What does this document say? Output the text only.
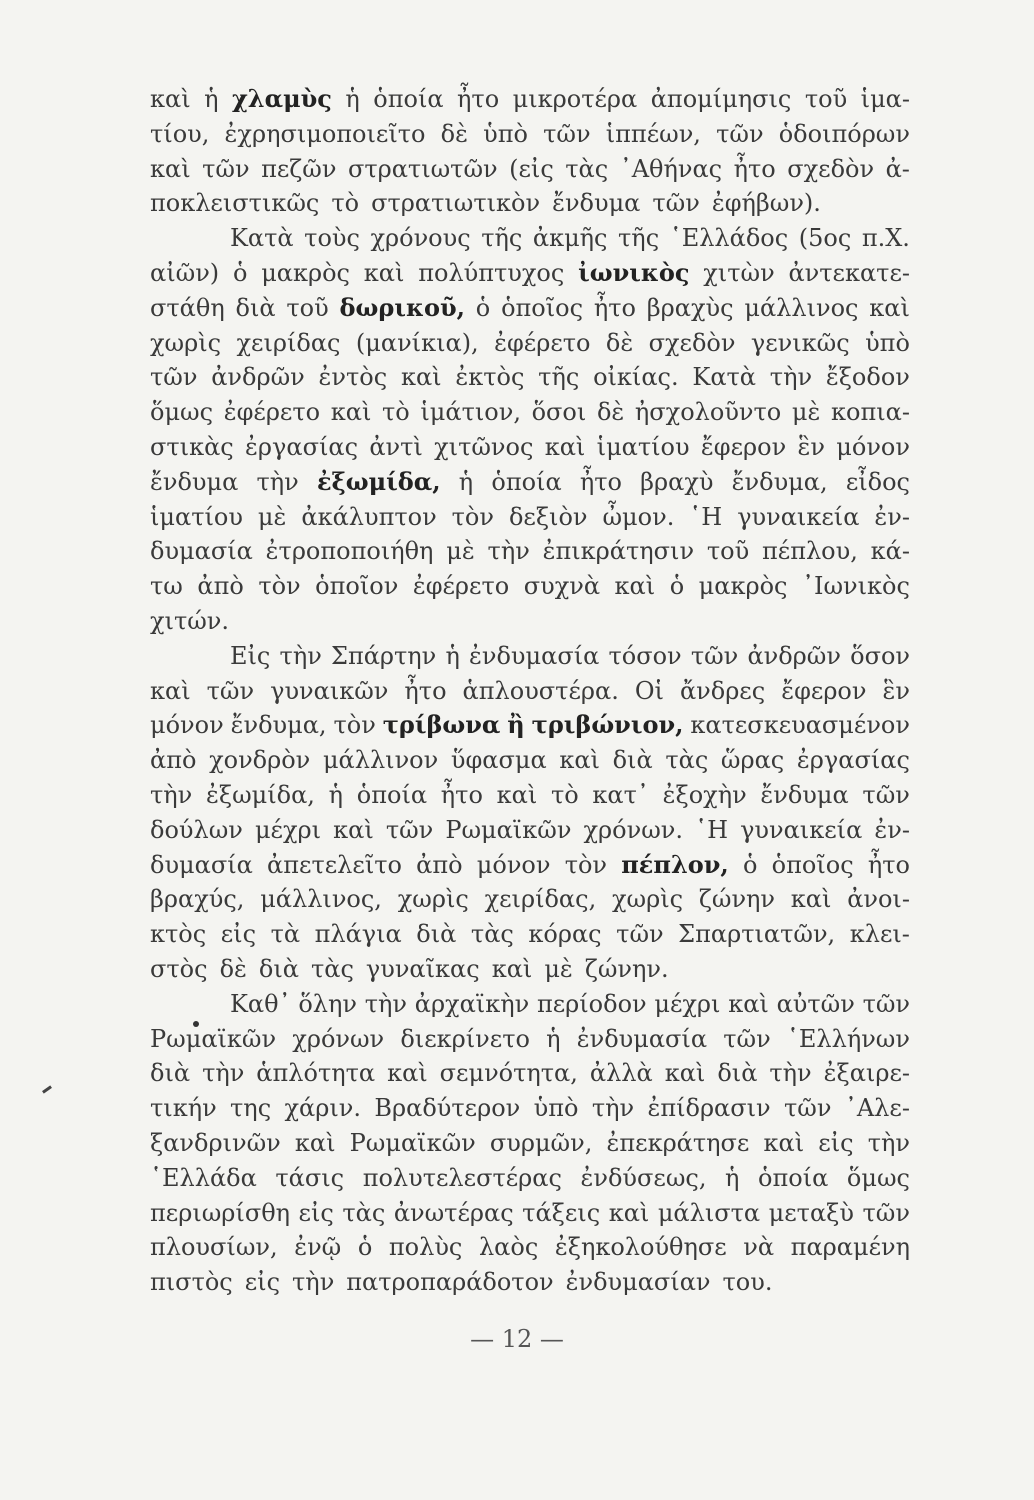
καὶ ἡ χλαμὺς ἡ ὁποία ἦτο μικροτέρα ἀπομίμησις τοῦ ἱμα-
τίου, ἐχρησιμοποιεῖτο δὲ ὑπὸ τῶν ἱππέων, τῶν ὁδοιπόρων
καὶ τῶν πεζῶν στρατιωτῶν (εἰς τὰς ᾿Αθήνας ἦτο σχεδὸν ἀ-
ποκλειστικῶς τὸ στρατιωτικὸν ἔνδυμα τῶν ἐφήβων).
Κατὰ τοὺς χρόνους τῆς ἀκμῆς τῆς ῾Ελλάδος (5ος π.Χ.
αἰῶν) ὁ μακρὸς καὶ πολύπτυχος ἰωνικὸς χιτὼν ἀντεκατε-
στάθη διὰ τοῦ δωρικοῦ, ὁ ὁποῖος ἦτο βραχὺς μάλλινος καὶ
χωρὶς χειρίδας (μανίκια), ἐφέρετο δὲ σχεδὸν γενικῶς ὑπὸ
τῶν ἀνδρῶν ἐντὸς καὶ ἐκτὸς τῆς οἰκίας. Κατὰ τὴν ἔξοδον
ὅμως ἐφέρετο καὶ τὸ ἱμάτιον, ὅσοι δὲ ἠσχολοῦντο μὲ κοπια-
στικὰς ἐργασίας ἀντὶ χιτῶνος καὶ ἱματίου ἔφερον ἓν μόνον
ἔνδυμα τὴν ἐξωμίδα, ἡ ὁποία ἦτο βραχὺ ἔνδυμα, εἶδος
ἱματίου μὲ ἀκάλυπτον τὸν δεξιὸν ὦμον. ῾Η γυναικεία ἐν-
δυμασία ἐτροποποιήθη μὲ τὴν ἐπικράτησιν τοῦ πέπλου, κά-
τω ἀπὸ τὸν ὁποῖον ἐφέρετο συχνὰ καὶ ὁ μακρὸς ᾿Ιωνικὸς
χιτών.
Εἰς τὴν Σπάρτην ἡ ἐνδυμασία τόσον τῶν ἀνδρῶν ὅσον
καὶ τῶν γυναικῶν ἦτο ἁπλουστέρα. Οἱ ἄνδρες ἔφερον ἓν
μόνον ἔνδυμα, τὸν τρίβωνα ἢ τριβώνιον, κατεσκευασμένον
ἀπὸ χονδρὸν μάλλινον ὕφασμα καὶ διὰ τὰς ὥρας ἐργασίας
τὴν ἐξωμίδα, ἡ ὁποία ἦτο καὶ τὸ κατ᾿ ἐξοχὴν ἔνδυμα τῶν
δούλων μέχρι καὶ τῶν Ρωμαϊκῶν χρόνων. ῾Η γυναικεία ἐν-
δυμασία ἀπετελεῖτο ἀπὸ μόνον τὸν πέπλον, ὁ ὁποῖος ἦτο
βραχύς, μάλλινος, χωρὶς χειρίδας, χωρὶς ζώνην καὶ ἀνοι-
κτὸς εἰς τὰ πλάγια διὰ τὰς κόρας τῶν Σπαρτιατῶν, κλει-
στὸς δὲ διὰ τὰς γυναῖκας καὶ μὲ ζώνην.
Καθ᾿ ὅλην τὴν ἀρχαϊκὴν περίοδον μέχρι καὶ αὐτῶν τῶν
Ρωμαϊκῶν χρόνων διεκρίνετο ἡ ἐνδυμασία τῶν ῾Ελλήνων
διὰ τὴν ἁπλότητα καὶ σεμνότητα, ἀλλὰ καὶ διὰ τὴν ἐξαιρε-
τικήν της χάριν. Βραδύτερον ὑπὸ τὴν ἐπίδρασιν τῶν ᾿Αλε-
ξανδρινῶν καὶ Ρωμαϊκῶν συρμῶν, ἐπεκράτησε καὶ εἰς τὴν
῾Ελλάδα τάσις πολυτελεστέρας ἐνδύσεως, ἡ ὁποία ὅμως
περιωρίσθη εἰς τὰς ἀνωτέρας τάξεις καὶ μάλιστα μεταξὺ τῶν
πλουσίων, ἐνῷ ὁ πολὺς λαὸς ἐξηκολούθησε νὰ παραμένη
πιστὸς εἰς τὴν πατροπαράδοτον ἐνδυμασίαν του.
— 12 —
